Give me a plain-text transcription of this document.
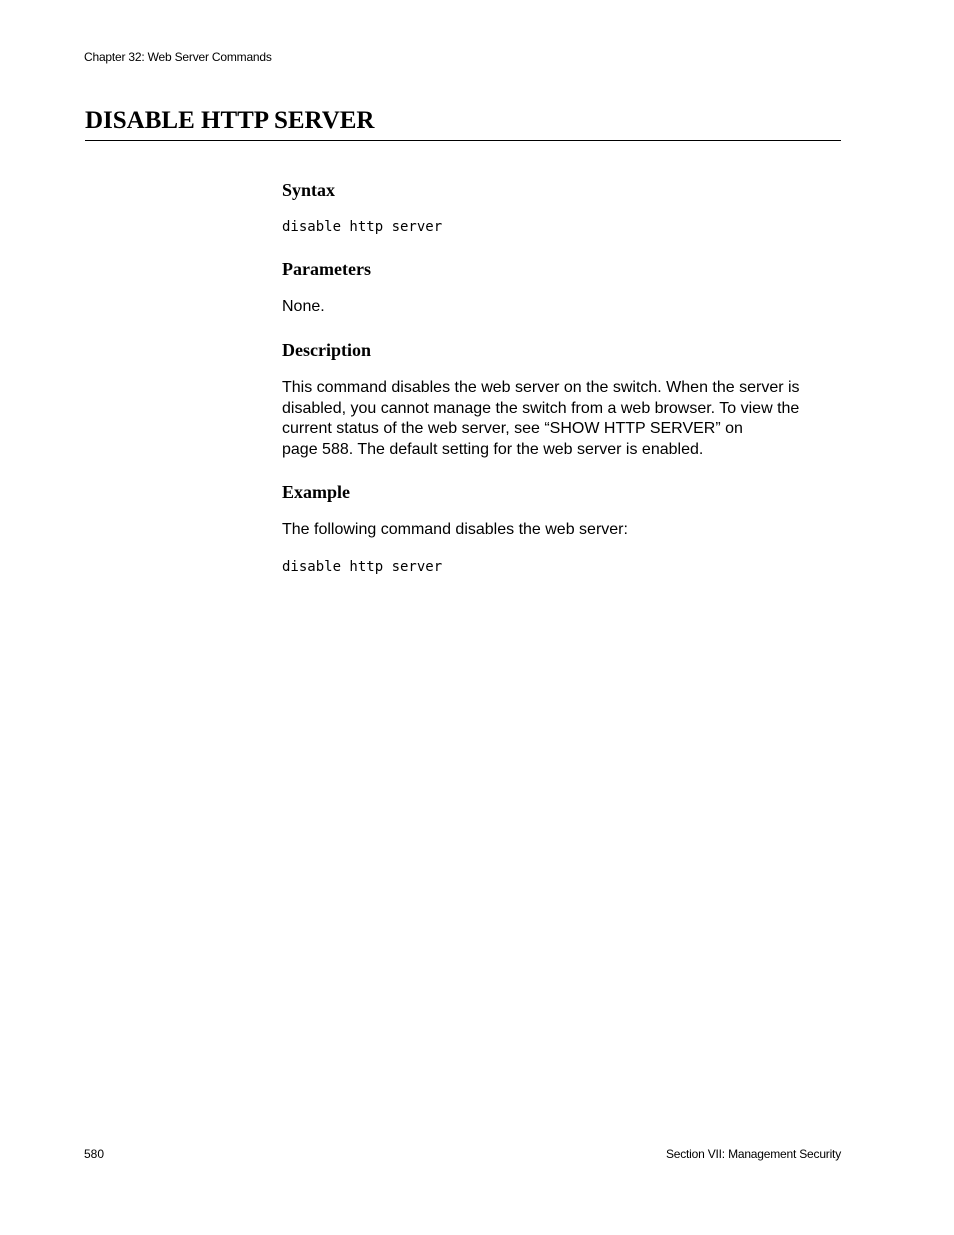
Chapter 32: Web Server Commands
DISABLE HTTP SERVER
Syntax
disable http server
Parameters
None.
Description
This command disables the web server on the switch. When the server is
disabled, you cannot manage the switch from a web browser. To view the
current status of the web server, see “SHOW HTTP SERVER” on
page 588. The default setting for the web server is enabled.
Example
The following command disables the web server:
disable http server
580	Section VII: Management Security
